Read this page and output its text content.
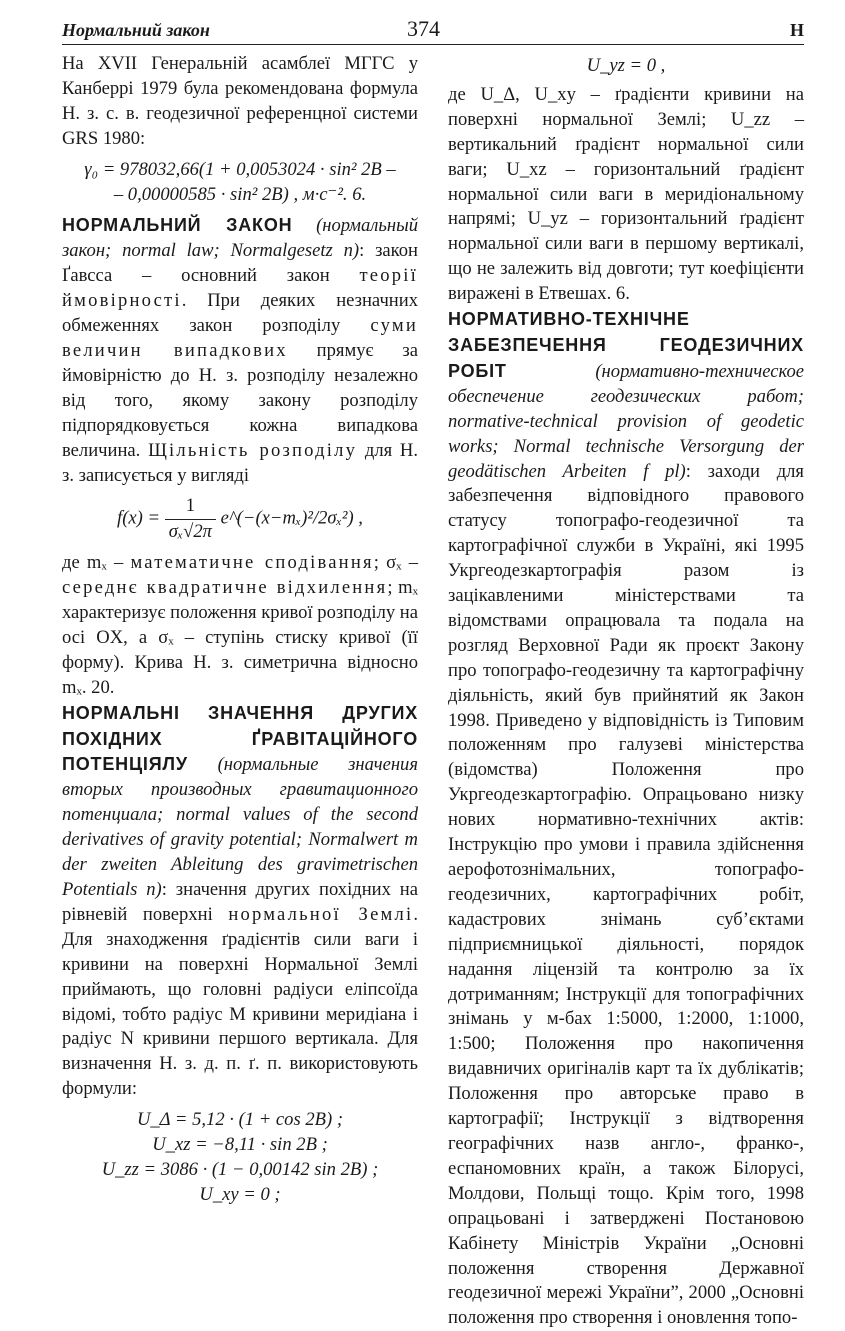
Нормальний закон	374	Н

На XVII Генеральній асамблеї МГГС у Канберрі 1979 була рекомендована формула Н. з. с. в. геодезичної референцної системи GRS 1980:

γ₀ = 978032,66(1 + 0,0053024 · sin² 2B –
– 0,00000585 · sin² 2B) , м·с⁻². 6.

НОРМАЛЬНИЙ ЗАКОН (нормальный закон; normal law; Normalgesetz n): закон Ґавсса – основний закон теорії ймовірності. При деяких незначних обмеженнях закон розподілу суми величин випадкових прямує за ймовірністю до Н. з. розподілу незалежно від того, якому закону розподілу підпорядковується кожна випадкова величина. Щільність розподілу для Н. з. записується у вигляді

$f(x) = \frac{1}{\text{σₓ√2π}}$ e^(−(x−mₓ)²/2σₓ²) ,

де mₓ – математичне сподівання; σₓ – середнє квадратичне відхилення; mₓ характеризує положення кривої розподілу на осі OX, а σₓ – ступінь стиску кривої (її форму). Крива Н. з. симетрична відносно mₓ. 20.

НОРМАЛЬНІ ЗНАЧЕННЯ ДРУГИХ ПОХІДНИХ ҐРАВІТАЦІЙНОГО ПОТЕНЦІЯЛУ (нормальные значения вторых производных гравитационного потенциала; normal values of the second derivatives of gravity potential; Normalwert m der zweiten Ableitung des gravimetrischen Potentials n): значення других похідних на рівневій поверхні нормальної Землі. Для знаходження ґрадієнтів сили ваги і кривини на поверхні Нормальної Землі приймають, що головні радіуси еліпсоїда відомі, тобто радіус M кривини меридіана і радіус N кривини першого вертикала. Для визначення Н. з. д. п. ґ. п. використовують формули:

U_Δ = 5,12 · (1 + cos 2B) ;
U_xz = −8,11 · sin 2B ;
U_zz = 3086 · (1 − 0,00142 sin 2B) ;
U_xy = 0 ;
U_yz = 0 ,

де U_Δ, U_xy – ґрадієнти кривини на поверхні нормальної Землі; U_zz – вертикальний ґрадієнт нормальної сили ваги; U_xz – горизонтальний ґрадієнт нормальної сили ваги в меридіональному напрямі; U_yz – горизонтальний ґрадієнт нормальної сили ваги в першому вертикалі, що не залежить від довготи; тут коефіцієнти виражені в Етвешах. 6.

НОРМАТИВНО-ТЕХНІЧНЕ ЗАБЕЗПЕЧЕННЯ ГЕОДЕЗИЧНИХ РОБІТ	(нормативно-техническое обеспечение геодезических работ; normative-technical provision of geodetic works; Normal technische Versorgung der geodätischen Arbeiten f pl): заходи для забезпечення відповідного правового статусу топографо-геодезичної та картографічної служби в Україні, які 1995 Укргеодезкартографія разом із зацікавленими міністерствами та відомствами опрацювала та подала на розгляд Верховної Ради як проєкт Закону про топографо-геодезичну та картографічну діяльність, який був прийнятий як Закон 1998. Приведено у відповідність із Типовим положенням про галузеві міністерства (відомства) Положення про Укргеодезкартографію. Опрацьовано низку нових нормативно-технічних актів: Інструкцію про умови і правила здійснення аерофотознімальних, топографо-геодезичних, картографічних робіт, кадастрових знімань суб’єктами підприємницької діяльності, порядок надання ліцензій та контролю за їх дотриманням; Інструкції для топографічних знімань у м-бах 1:5000, 1:2000, 1:1000, 1:500; Положення про накопичення видавничих оригіналів карт та їх дублікатів; Положення про авторське право в картографії; Інструкції з відтворення географічних назв англо-, франко-, еспаномовних країн, а також Білорусі, Молдови, Польщі тощо. Крім того, 1998 опрацьовані і затверджені Постановою Кабінету Міністрів України „Основні положення створення Державної геодезичної мережі України”, 2000 „Основні положення про створення і оновлення топо-
